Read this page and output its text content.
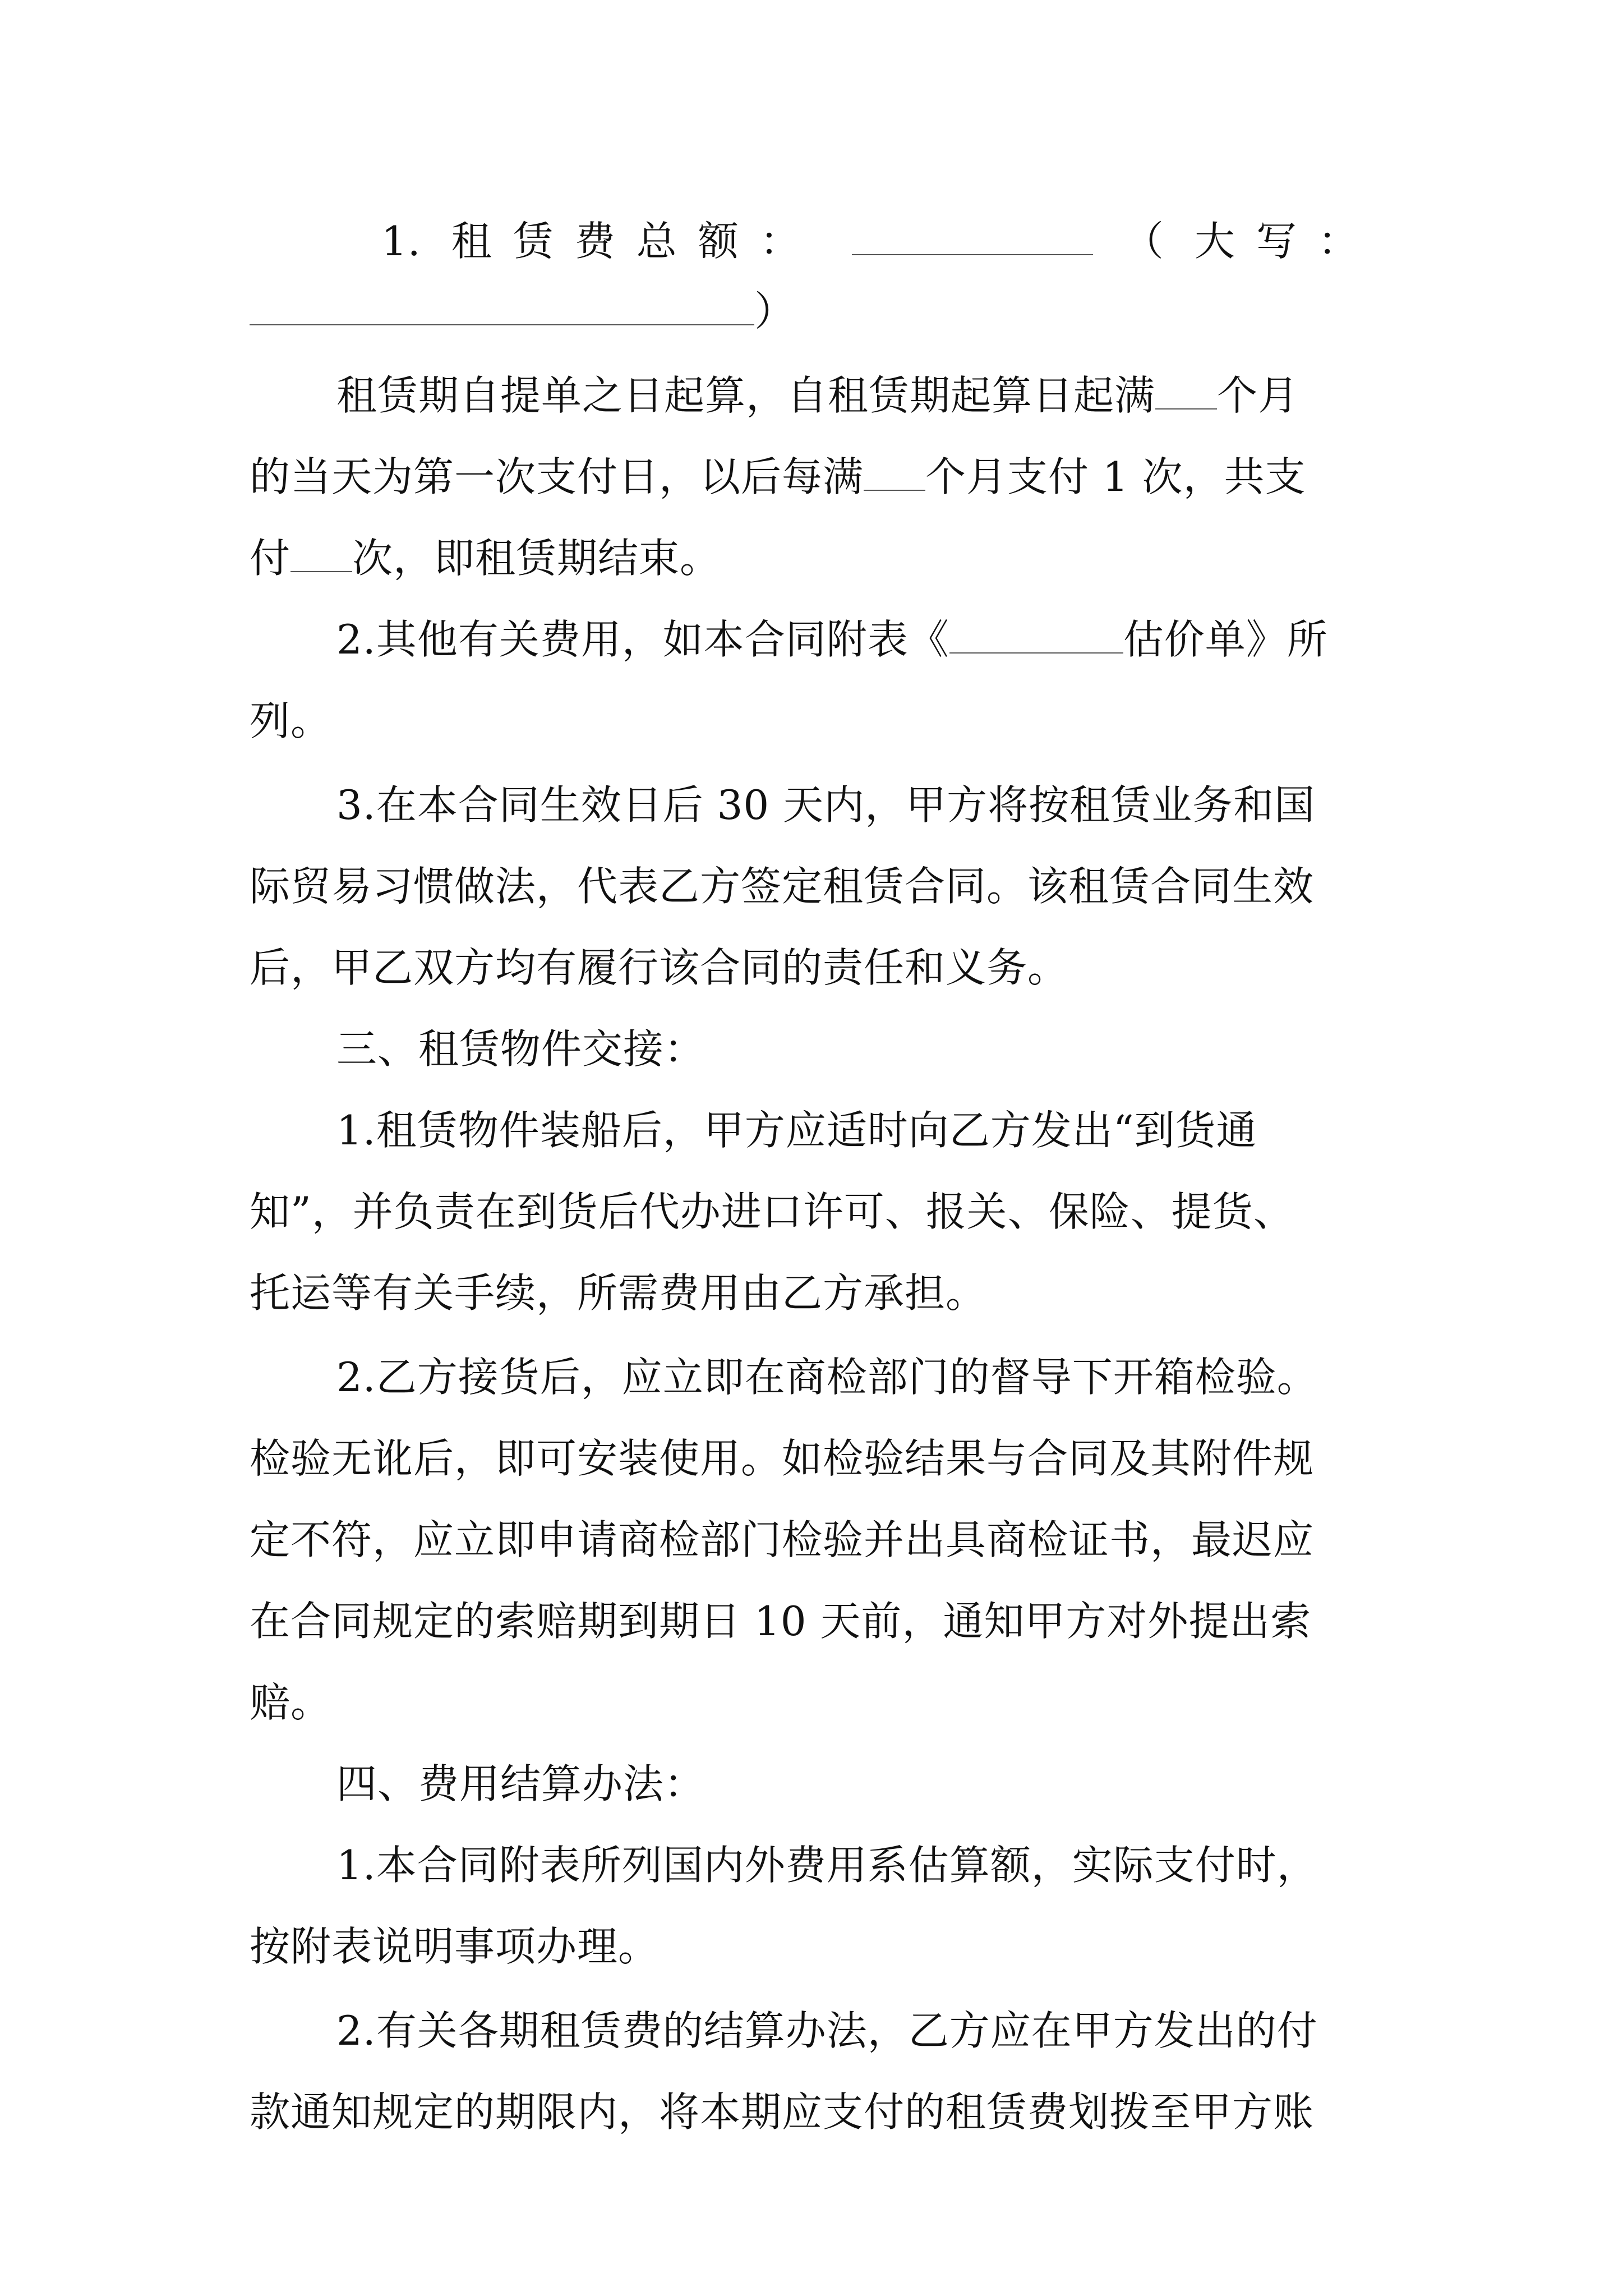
1. 租赁费总额：	（ 大写：
）
租赁期自提单之日起算，自租赁期起算日起满 个月
的当天为第一次支付日，以后每满 个月支付 1 次，共支
付 次，即租赁期结束。
2.其他有关费用，如本合同附表《	估价单》所
列。
3.在本合同生效日后 30 天内，甲方将按租赁业务和国
际贸易习惯做法，代表乙方签定租赁合同。该租赁合同生效
后，甲乙双方均有履行该合同的责任和义务。
三、租赁物件交接：
1.租赁物件装船后，甲方应适时向乙方发出“到货通
知”，并负责在到货后代办进口许可、报关、保险、提货、
托运等有关手续，所需费用由乙方承担。
2.乙方接货后，应立即在商检部门的督导下开箱检验。
检验无讹后，即可安装使用。如检验结果与合同及其附件规
定不符，应立即申请商检部门检验并出具商检证书，最迟应
在合同规定的索赔期到期日 10 天前，通知甲方对外提出索
赔。
四、费用结算办法：
1.本合同附表所列国内外费用系估算额，实际支付时，
按附表说明事项办理。
2.有关各期租赁费的结算办法，乙方应在甲方发出的付
款通知规定的期限内，将本期应支付的租赁费划拨至甲方账
